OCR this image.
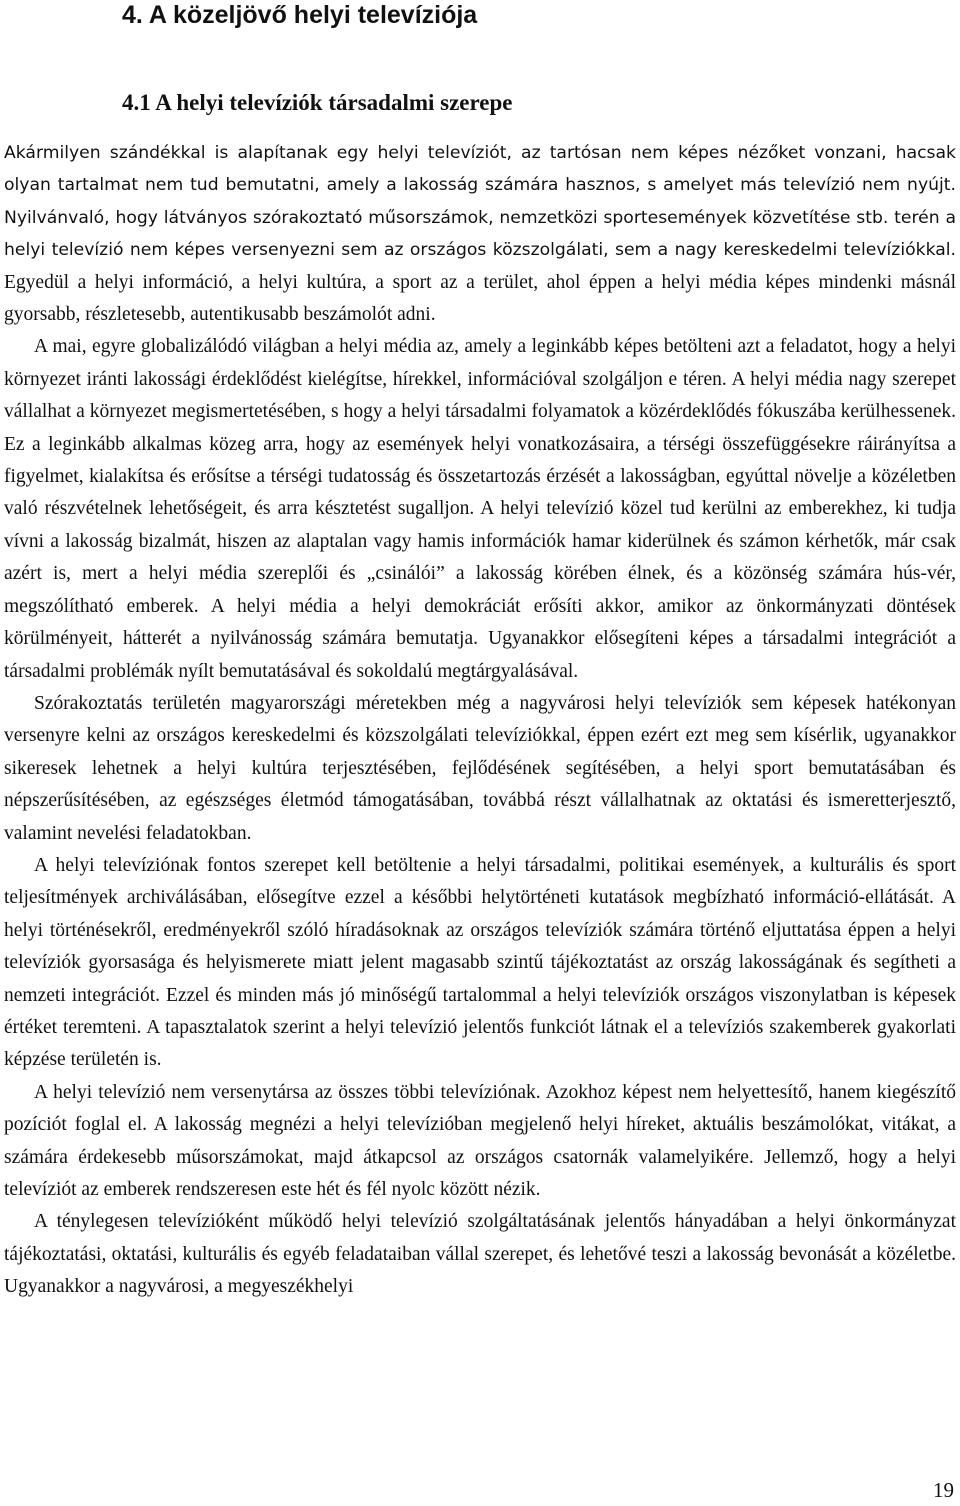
4. A közeljövő helyi televíziója
4.1 A helyi televíziók társadalmi szerepe

Akármilyen szándékkal is alapítanak egy helyi televíziót, az tartósan nem képes nézőket vonzani, hacsak olyan tartalmat nem tud bemutatni, amely a lakosság számára hasznos, s amelyet más televízió nem nyújt. Nyilvánvaló, hogy látványos szórakoztató műsorszámok, nemzetközi sportesemények közvetítése stb. terén a helyi televízió nem képes versenyezni sem az országos közszolgálati, sem a nagy kereskedelmi televíziókkal. Egyedül a helyi információ, a helyi kultúra, a sport az a terület, ahol éppen a helyi média képes mindenki másnál gyorsabb, részletesebb, autentikusabb beszámolót adni.

A mai, egyre globalizálódó világban a helyi média az, amely a leginkább képes betölteni azt a feladatot, hogy a helyi környezet iránti lakossági érdeklődést kielégítse, hírekkel, információval szolgáljon e téren. A helyi média nagy szerepet vállalhat a környezet megismertetésében, s hogy a helyi társadalmi folyamatok a közérdeklődés fókuszába kerülhessenek. Ez a leginkább alkalmas közeg arra, hogy az események helyi vonatkozásaira, a térségi összefüggésekre ráirányítsa a figyelmet, kialakítsa és erősítse a térségi tudatosság és összetartozás érzését a lakosságban, egyúttal növelje a közéletben való részvételnek lehetőségeit, és arra késztetést sugalljon. A helyi televízió közel tud kerülni az emberekhez, ki tudja vívni a lakosság bizalmát, hiszen az alaptalan vagy hamis információk hamar kiderülnek és számon kérhetők, már csak azért is, mert a helyi média szereplői és „csinálói” a lakosság körében élnek, és a közönség számára hús-vér, megszólítható emberek. A helyi média a helyi demokráciát erősíti akkor, amikor az önkormányzati döntések körülményeit, hátterét a nyilvánosság számára bemutatja. Ugyanakkor elősegíteni képes a társadalmi integrációt a társadalmi problémák nyílt bemutatásával és sokoldalú megtárgyalásával.

Szórakoztatás területén magyarországi méretekben még a nagyvárosi helyi televíziók sem képesek hatékonyan versenyre kelni az országos kereskedelmi és közszolgálati televíziókkal, éppen ezért ezt meg sem kísérlik, ugyanakkor sikeresek lehetnek a helyi kultúra terjesztésében, fejlődésének segítésében, a helyi sport bemutatásában és népszerűsítésében, az egészséges életmód támogatásában, továbbá részt vállalhatnak az oktatási és ismeretterjesztő, valamint nevelési feladatokban.

A helyi televíziónak fontos szerepet kell betöltenie a helyi társadalmi, politikai események, a kulturális és sport teljesítmények archiválásában, elősegítve ezzel a későbbi helytörténeti kutatások megbízható információ-ellátását. A helyi történésekről, eredményekről szóló híradásoknak az országos televíziók számára történő eljuttatása éppen a helyi televíziók gyorsasága és helyismerete miatt jelent magasabb szintű tájékoztatást az ország lakosságának és segítheti a nemzeti integrációt. Ezzel és minden más jó minőségű tartalommal a helyi televíziók országos viszonylatban is képesek értéket teremteni. A tapasztalatok szerint a helyi televízió jelentős funkciót látnak el a televíziós szakemberek gyakorlati képzése területén is.

A helyi televízió nem versenytársa az összes többi televíziónak. Azokhoz képest nem helyettesítő, hanem kiegészítő pozíciót foglal el. A lakosság megnézi a helyi televízióban megjelenő helyi híreket, aktuális beszámolókat, vitákat, a számára érdekesebb műsorszámokat, majd átkapcsol az országos csatornák valamelyikére. Jellemző, hogy a helyi televíziót az emberek rendszeresen este hét és fél nyolc között nézik.

A ténylegesen televízióként működő helyi televízió szolgáltatásának jelentős hányadában a helyi önkormányzat tájékoztatási, oktatási, kulturális és egyéb feladataiban vállal szerepet, és lehetővé teszi a lakosság bevonását a közéletbe. Ugyanakkor a nagyvárosi, a megyeszékhelyi

19
